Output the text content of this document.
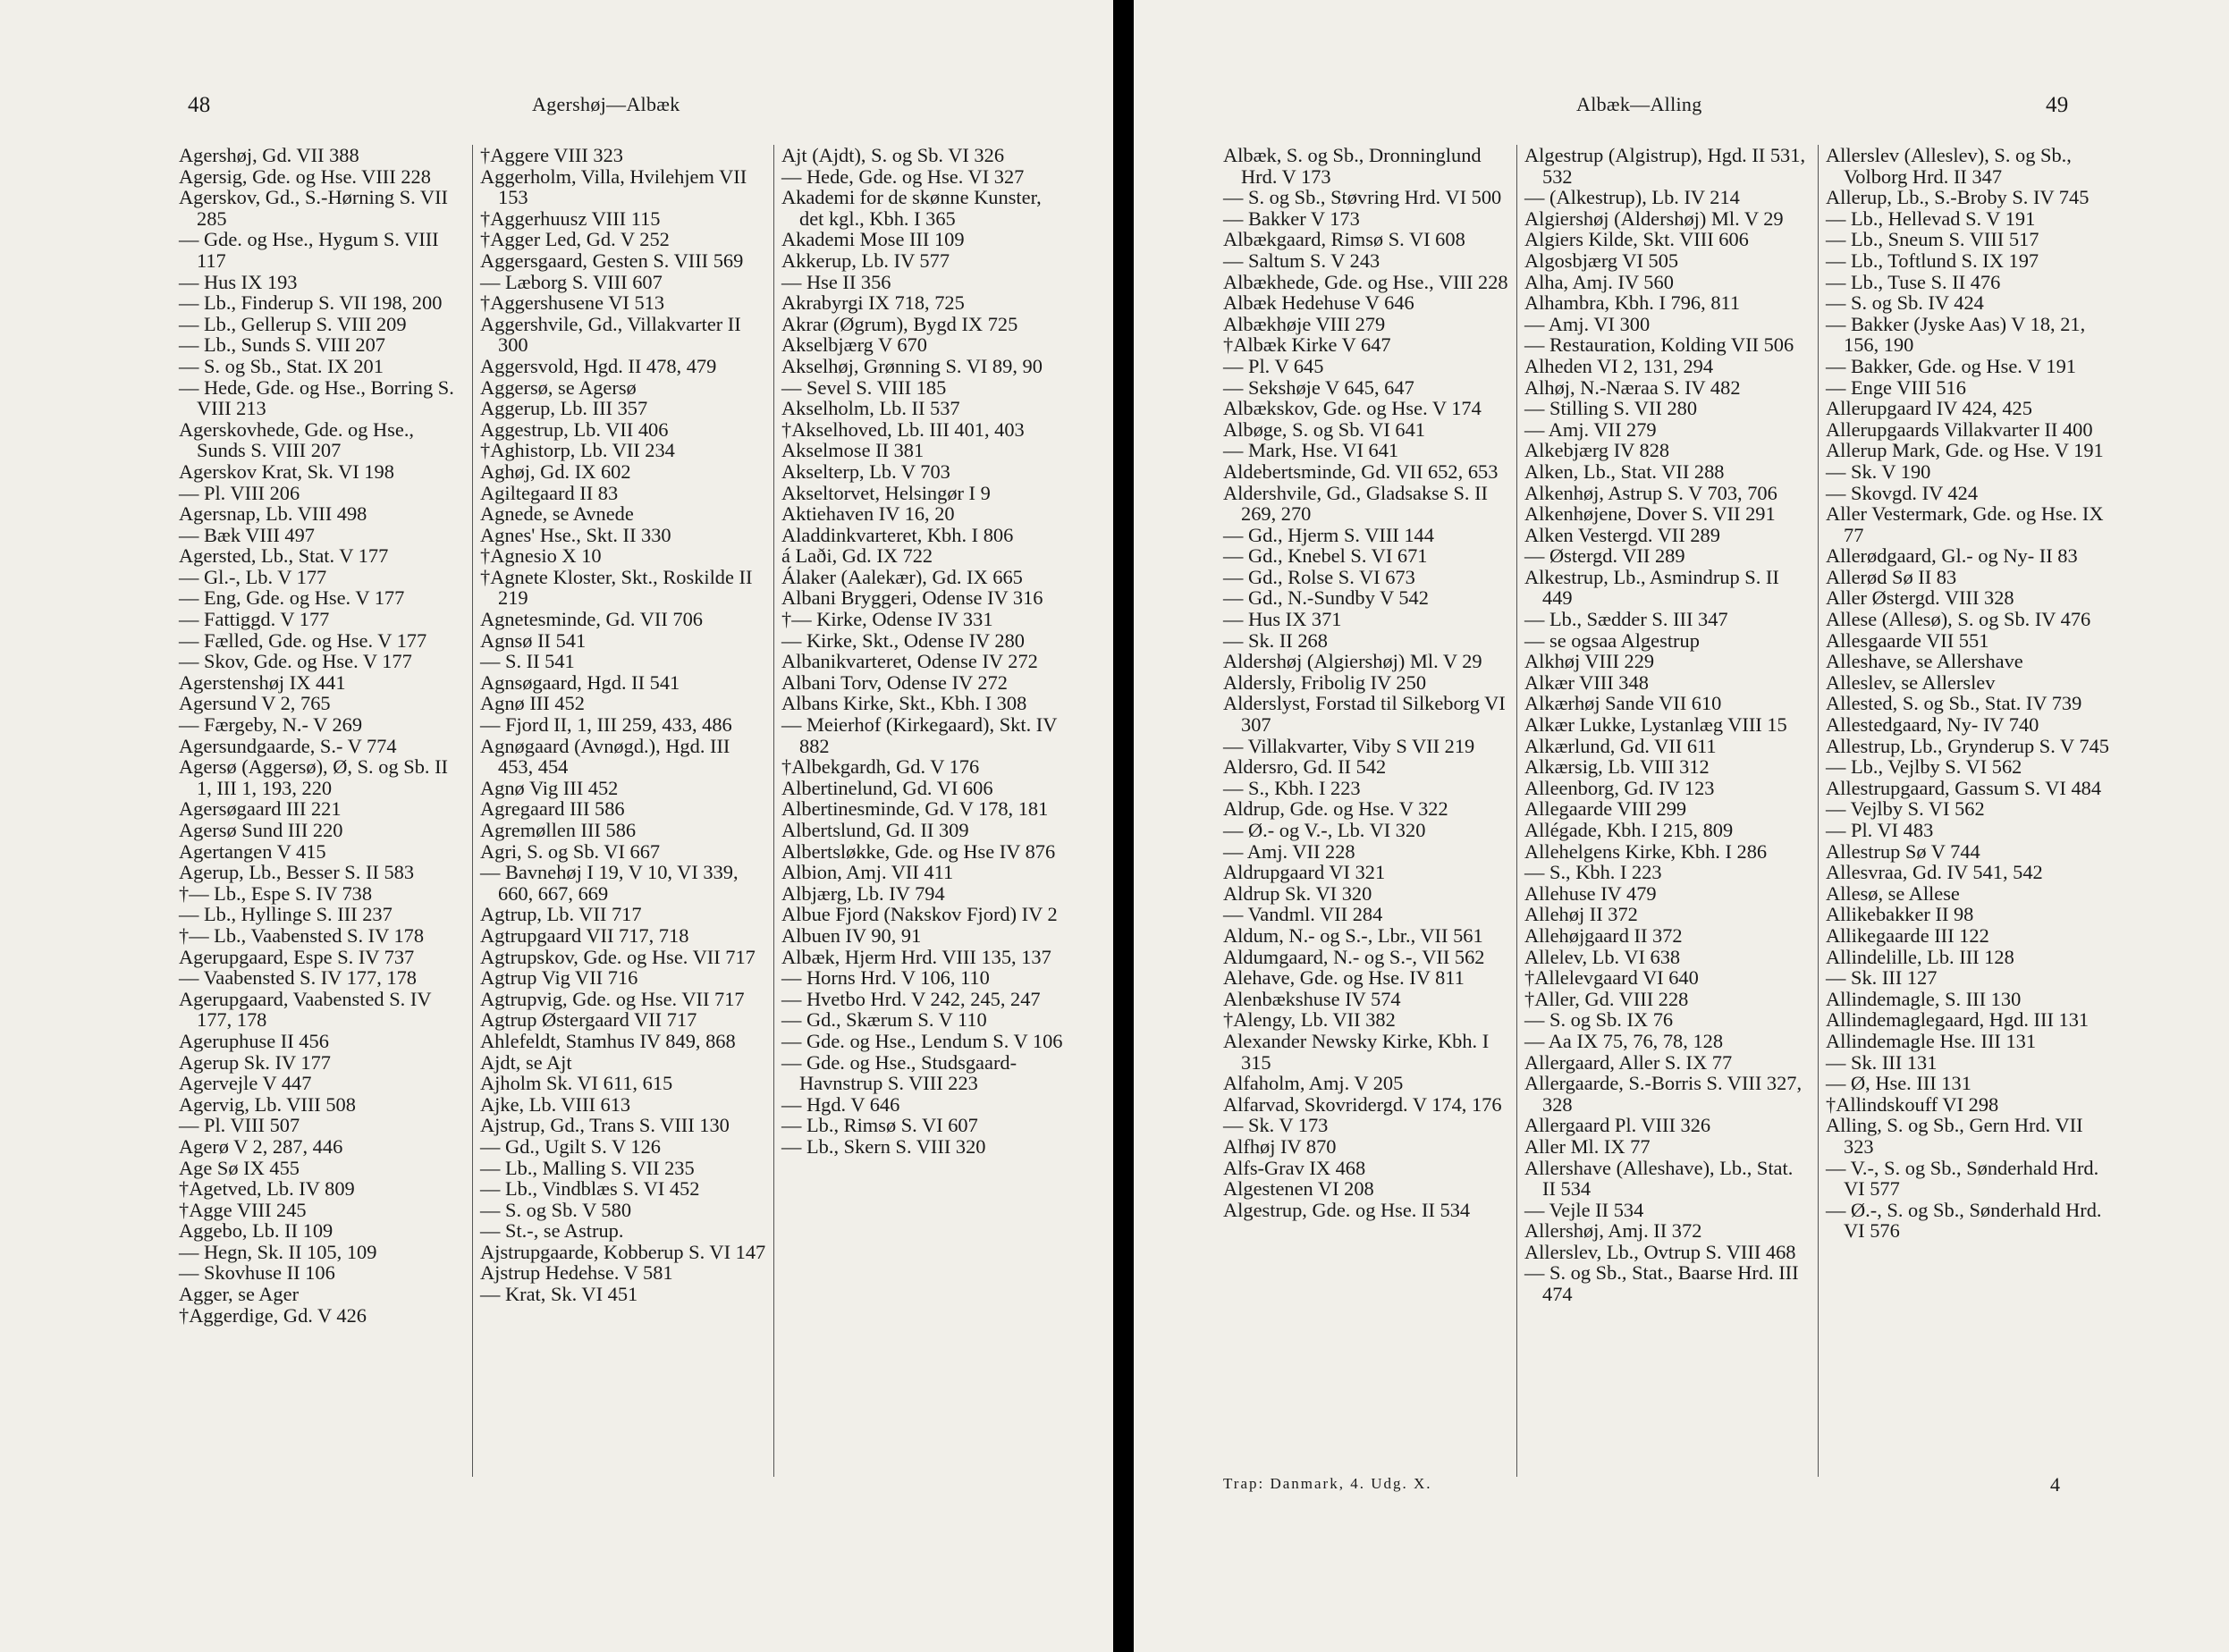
48	Agershøj—Albæk
Agershøj, Gd. VII 388
Agersig, Gde. og Hse. VIII 228
Agerskov, Gd., S.-Hørning S. VII 285
— Gde. og Hse., Hygum S. VIII 117
— Hus IX 193
— Lb., Finderup S. VII 198, 200
— Lb., Gellerup S. VIII 209
— Lb., Sunds S. VIII 207
— S. og Sb., Stat. IX 201
— Hede, Gde. og Hse., Borring S. VIII 213
Agerskovhede, Gde. og Hse., Sunds S. VIII 207
Agerskov Krat, Sk. VI 198
— Pl. VIII 206
Agersnap, Lb. VIII 498
— Bæk VIII 497
Agersted, Lb., Stat. V 177
— Gl.-, Lb. V 177
— Eng, Gde. og Hse. V 177
— Fattiggd. V 177
— Fælled, Gde. og Hse. V 177
— Skov, Gde. og Hse. V 177
Agerstenshøj IX 441
Agersund V 2, 765
— Færgeby, N.- V 269
Agersundgaarde, S.- V 774
Agersø (Aggersø), Ø, S. og Sb. II 1, III 1, 193, 220
Agersøgaard III 221
Agersø Sund III 220
Agertangen V 415
Agerup, Lb., Besser S. II 583
†— Lb., Espe S. IV 738
— Lb., Hyllinge S. III 237
†— Lb., Vaabensted S. IV 178
Agerupgaard, Espe S. IV 737
— Vaabensted S. IV 177, 178
Agerupgaard, Vaabensted S. IV 177, 178
Ageruphuse II 456
Agerup Sk. IV 177
Agervejle V 447
Agervig, Lb. VIII 508
— Pl. VIII 507
Agerø V 2, 287, 446
Age Sø IX 455
†Agetved, Lb. IV 809
†Agge VIII 245
Aggebo, Lb. II 109
— Hegn, Sk. II 105, 109
— Skovhuse II 106
Agger, se Ager
†Aggerdige, Gd. V 426
†Aggere VIII 323
Aggerholm, Villa, Hvilehjem VII 153
†Aggerhuusz VIII 115
†Agger Led, Gd. V 252
Aggersgaard, Gesten S. VIII 569
— Læborg S. VIII 607
†Aggershusene VI 513
Aggershvile, Gd., Villakvarter II 300
Aggersvold, Hgd. II 478, 479
Aggersø, se Agersø
Aggerup, Lb. III 357
Aggestrup, Lb. VII 406
†Aghistorp, Lb. VII 234
Aghøj, Gd. IX 602
Agiltegaard II 83
Agnede, se Avnede
Agnes' Hse., Skt. II 330
†Agnesio X 10
†Agnete Kloster, Skt., Roskilde II 219
Agnetesminde, Gd. VII 706
Agnsø II 541
— S. II 541
Agnsøgaard, Hgd. II 541
Agnø III 452
— Fjord II, 1, III 259, 433, 486
Agnøgaard (Avnøgd.), Hgd. III 453, 454
Agnø Vig III 452
Agregaard III 586
Agremøllen III 586
Agri, S. og Sb. VI 667
— Bavnehøj I 19, V 10, VI 339, 660, 667, 669
Agtrup, Lb. VII 717
Agtrupgaard VII 717, 718
Agtrupskov, Gde. og Hse. VII 717
Agtrup Vig VII 716
Agtrupvig, Gde. og Hse. VII 717
Agtrup Østergaard VII 717
Ahlefeldt, Stamhus IV 849, 868
Ajdt, se Ajt
Ajholm Sk. VI 611, 615
Ajke, Lb. VIII 613
Ajstrup, Gd., Trans S. VIII 130
— Gd., Ugilt S. V 126
— Lb., Malling S. VII 235
— Lb., Vindblæs S. VI 452
— S. og Sb. V 580
— St.-, se Astrup.
Ajstrupgaarde, Kobberup S. VI 147
Ajstrup Hedehse. V 581
— Krat, Sk. VI 451
Ajt (Ajdt), S. og Sb. VI 326
— Hede, Gde. og Hse. VI 327
Akademi for de skønne Kunster, det kgl., Kbh. I 365
Akademi Mose III 109
Akkerup, Lb. IV 577
— Hse II 356
Akrabyrgi IX 718, 725
Akrar (Øgrum), Bygd IX 725
Akselbjærg V 670
Akselhøj, Grønning S. VI 89, 90
— Sevel S. VIII 185
Akselholm, Lb. II 537
†Akselhoved, Lb. III 401, 403
Akselmose II 381
Akselterp, Lb. V 703
Akseltorvet, Helsingør I 9
Aktiehaven IV 16, 20
Aladdinkvarteret, Kbh. I 806
á Laði, Gd. IX 722
Álaker (Aalekær), Gd. IX 665
Albani Bryggeri, Odense IV 316
†— Kirke, Odense IV 331
— Kirke, Skt., Odense IV 280
Albanikvarteret, Odense IV 272
Albani Torv, Odense IV 272
Albans Kirke, Skt., Kbh. I 308
— Meierhof (Kirkegaard), Skt. IV 882
†Albekgardh, Gd. V 176
Albertinelund, Gd. VI 606
Albertinesminde, Gd. V 178, 181
Albertslund, Gd. II 309
Albertsløkke, Gde. og Hse IV 876
Albion, Amj. VII 411
Albjærg, Lb. IV 794
Albue Fjord (Nakskov Fjord) IV 2
Albuen IV 90, 91
Albæk, Hjerm Hrd. VIII 135, 137
— Horns Hrd. V 106, 110
— Hvetbo Hrd. V 242, 245, 247
— Gd., Skærum S. V 110
— Gde. og Hse., Lendum S. V 106
— Gde. og Hse., Studsgaard-Havnstrup S. VIII 223
— Hgd. V 646
— Lb., Rimsø S. VI 607
— Lb., Skern S. VIII 320
Albæk—Alling	49
Albæk, S. og Sb., Dronninglund Hrd. V 173
— S. og Sb., Støvring Hrd. VI 500
— Bakker V 173
Albækgaard, Rimsø S. VI 608
— Saltum S. V 243
Albækhede, Gde. og Hse., VIII 228
Albæk Hedehuse V 646
Albækhøje VIII 279
†Albæk Kirke V 647
— Pl. V 645
— Sekshøje V 645, 647
Albækskov, Gde. og Hse. V 174
Albøge, S. og Sb. VI 641
— Mark, Hse. VI 641
Aldebertsminde, Gd. VII 652, 653
Aldershvile, Gd., Gladsakse S. II 269, 270
— Gd., Hjerm S. VIII 144
— Gd., Knebel S. VI 671
— Gd., Rolse S. VI 673
— Gd., N.-Sundby V 542
— Hus IX 371
— Sk. II 268
Aldershøj (Algiershøj) Ml. V 29
Aldersly, Fribolig IV 250
Alderslyst, Forstad til Silkeborg VI 307
— Villakvarter, Viby S VII 219
Aldersro, Gd. II 542
— S., Kbh. I 223
Aldrup, Gde. og Hse. V 322
— Ø.- og V.-, Lb. VI 320
— Amj. VII 228
Aldrupgaard VI 321
Aldrup Sk. VI 320
— Vandml. VII 284
Aldum, N.- og S.-, Lbr., VII 561
Aldumgaard, N.- og S.-, VII 562
Alehave, Gde. og Hse. IV 811
Alenbækshuse IV 574
†Alengy, Lb. VII 382
Alexander Newsky Kirke, Kbh. I 315
Alfaholm, Amj. V 205
Alfarvad, Skovridergd. V 174, 176
— Sk. V 173
Alfhøj IV 870
Alfs-Grav IX 468
Algestenen VI 208
Algestrup, Gde. og Hse. II 534
Algestrup (Algistrup), Hgd. II 531, 532
— (Alkestrup), Lb. IV 214
Algiershøj (Aldershøj) Ml. V 29
Algiers Kilde, Skt. VIII 606
Algosbjærg VI 505
Alha, Amj. IV 560
Alhambra, Kbh. I 796, 811
— Amj. VI 300
— Restauration, Kolding VII 506
Alheden VI 2, 131, 294
Alhøj, N.-Næraa S. IV 482
— Stilling S. VII 280
— Amj. VII 279
Alkebjærg IV 828
Alken, Lb., Stat. VII 288
Alkenhøj, Astrup S. V 703, 706
Alkenhøjene, Dover S. VII 291
Alken Vestergd. VII 289
— Østergd. VII 289
Alkestrup, Lb., Asmindrup S. II 449
— Lb., Sædder S. III 347
— se ogsaa Algestrup
Alkhøj VIII 229
Alkær VIII 348
Alkærhøj Sande VII 610
Alkær Lukke, Lystanlæg VIII 15
Alkærlund, Gd. VII 611
Alkærsig, Lb. VIII 312
Alleenborg, Gd. IV 123
Allegaarde VIII 299
Allégade, Kbh. I 215, 809
Allehelgens Kirke, Kbh. I 286
— S., Kbh. I 223
Allehuse IV 479
Allehøj II 372
Allehøjgaard II 372
Allelev, Lb. VI 638
†Allelevgaard VI 640
†Aller, Gd. VIII 228
— S. og Sb. IX 76
— Aa IX 75, 76, 78, 128
Allergaard, Aller S. IX 77
Allergaarde, S.-Borris S. VIII 327, 328
Allergaard Pl. VIII 326
Aller Ml. IX 77
Allershave (Alleshave), Lb., Stat. II 534
— Vejle II 534
Allershøj, Amj. II 372
Allerslev, Lb., Ovtrup S. VIII 468
— S. og Sb., Stat., Baarse Hrd. III 474
Allerslev (Alleslev), S. og Sb., Volborg Hrd. II 347
Allerup, Lb., S.-Broby S. IV 745
— Lb., Hellevad S. V 191
— Lb., Sneum S. VIII 517
— Lb., Toftlund S. IX 197
— Lb., Tuse S. II 476
— S. og Sb. IV 424
— Bakker (Jyske Aas) V 18, 21, 156, 190
— Bakker, Gde. og Hse. V 191
— Enge VIII 516
Allerupgaard IV 424, 425
Allerupgaards Villakvarter II 400
Allerup Mark, Gde. og Hse. V 191
— Sk. V 190
— Skovgd. IV 424
Aller Vestermark, Gde. og Hse. IX 77
Allerødgaard, Gl.- og Ny- II 83
Allerød Sø II 83
Aller Østergd. VIII 328
Allese (Allesø), S. og Sb. IV 476
Allesgaarde VII 551
Alleshave, se Allershave
Alleslev, se Allerslev
Allested, S. og Sb., Stat. IV 739
Allestedgaard, Ny- IV 740
Allestrup, Lb., Grynderup S. V 745
— Lb., Vejlby S. VI 562
Allestrupgaard, Gassum S. VI 484
— Vejlby S. VI 562
— Pl. VI 483
Allestrup Sø V 744
Allesvraa, Gd. IV 541, 542
Allesø, se Allese
Allikebakker II 98
Allikegaarde III 122
Allindelille, Lb. III 128
— Sk. III 127
Allindemagle, S. III 130
Allindemaglegaard, Hgd. III 131
Allindemagle Hse. III 131
— Sk. III 131
— Ø, Hse. III 131
†Allindskouff VI 298
Alling, S. og Sb., Gern Hrd. VII 323
— V.-, S. og Sb., Sønderhald Hrd. VI 577
— Ø.-, S. og Sb., Sønderhald Hrd. VI 576
Trap: Danmark, 4. Udg. X.	4
